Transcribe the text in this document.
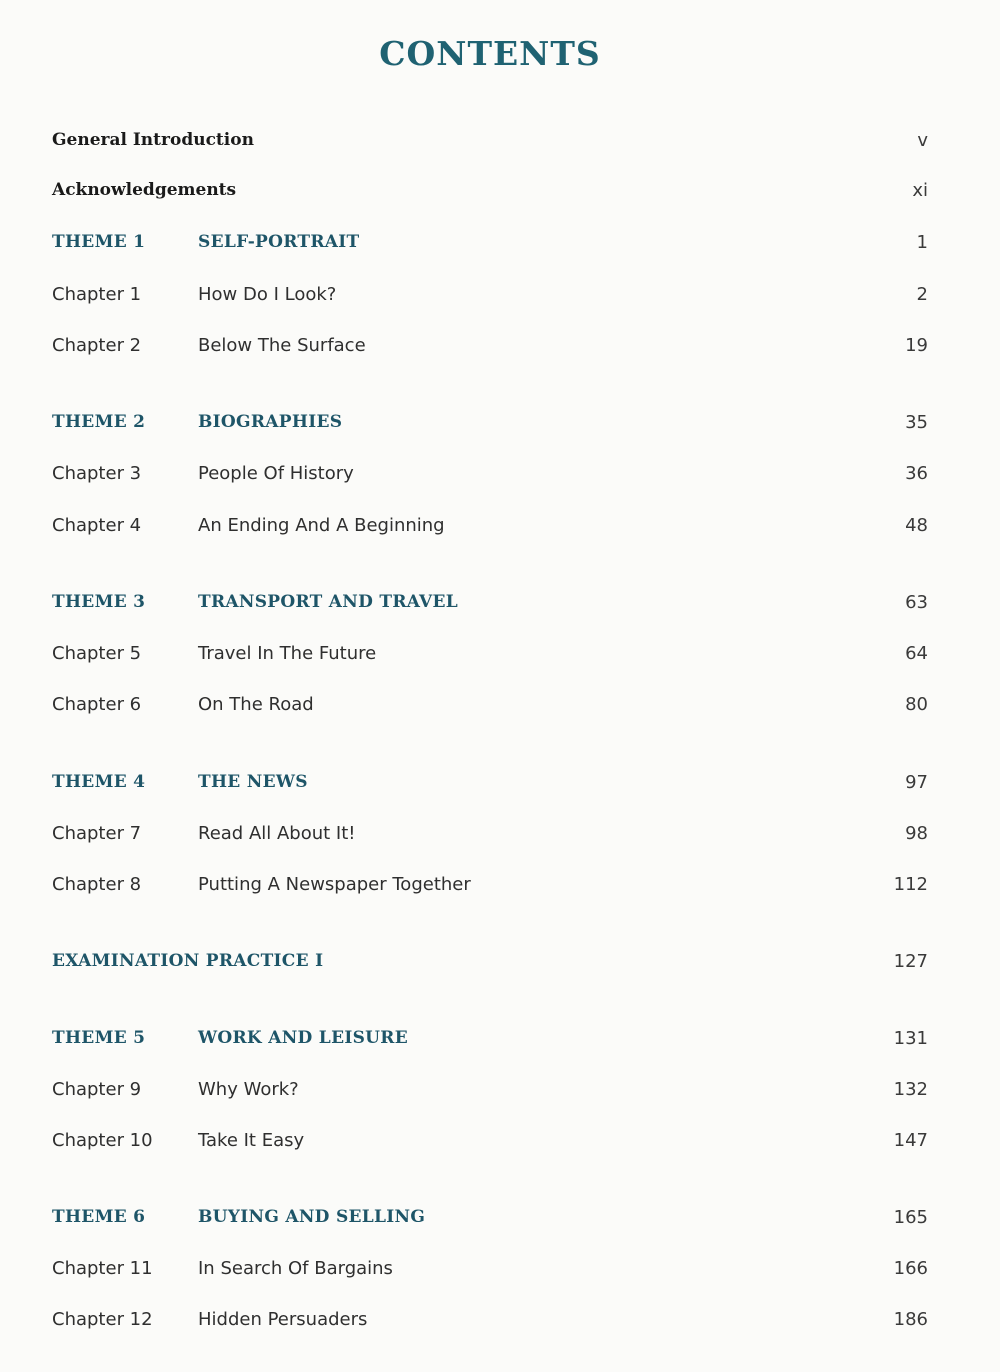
CONTENTS
General Introduction	v
Acknowledgements	xi
THEME 1	SELF-PORTRAIT	1
Chapter 1	How Do I Look?	2
Chapter 2	Below The Surface	19
THEME 2	BIOGRAPHIES	35
Chapter 3	People Of History	36
Chapter 4	An Ending And A Beginning	48
THEME 3	TRANSPORT AND TRAVEL	63
Chapter 5	Travel In The Future	64
Chapter 6	On The Road	80
THEME 4	THE NEWS	97
Chapter 7	Read All About It!	98
Chapter 8	Putting A Newspaper Together	112
EXAMINATION PRACTICE I	127
THEME 5	WORK AND LEISURE	131
Chapter 9	Why Work?	132
Chapter 10	Take It Easy	147
THEME 6	BUYING AND SELLING	165
Chapter 11	In Search Of Bargains	166
Chapter 12	Hidden Persuaders	186
